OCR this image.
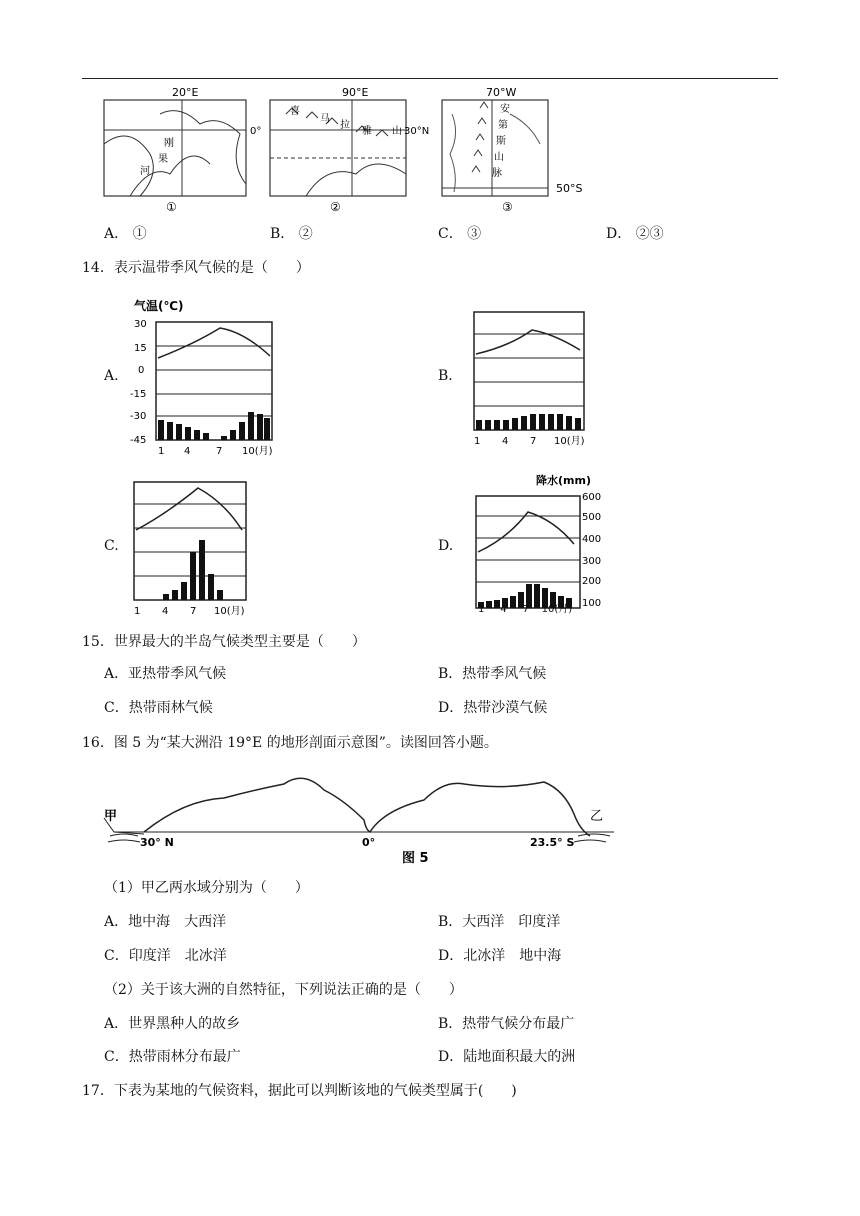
20°E
0°
刚
果
河
①
90°E
喜
马
拉
雅 山 30°N
②
70°W
安
第
斯
山
脉
50°S
③
A． ①	B． ②	C． ③	D． ②③
14．表示温带季风气候的是（　　）
A.	B.
C.	D.
气温(℃)
30
15
0
-15
-30
-45
1 4	7 10(月)
1 4 7 10(月)
1 4 7 10(月)
降水(mm)
600
500
400
300
200
100
1 4 7 10(月)
15．世界最大的半岛气候类型主要是（　　）
A．亚热带季风气候	B．热带季风气候
C．热带雨林气候	D．热带沙漠气候
16．图 5 为“某大洲沿 19°E 的地形剖面示意图”。读图回答小题。
甲	乙
30° N	0°	23.5° S
图 5
（1）甲乙两水域分别为（　　）
A．地中海　大西洋	B．大西洋　印度洋
C．印度洋　北冰洋	D．北冰洋　地中海
（2）关于该大洲的自然特征，下列说法正确的是（　　）
A．世界黑种人的故乡	B．热带气候分布最广
C．热带雨林分布最广	D．陆地面积最大的洲
17．下表为某地的气候资料，据此可以判断该地的气候类型属于(　　)
